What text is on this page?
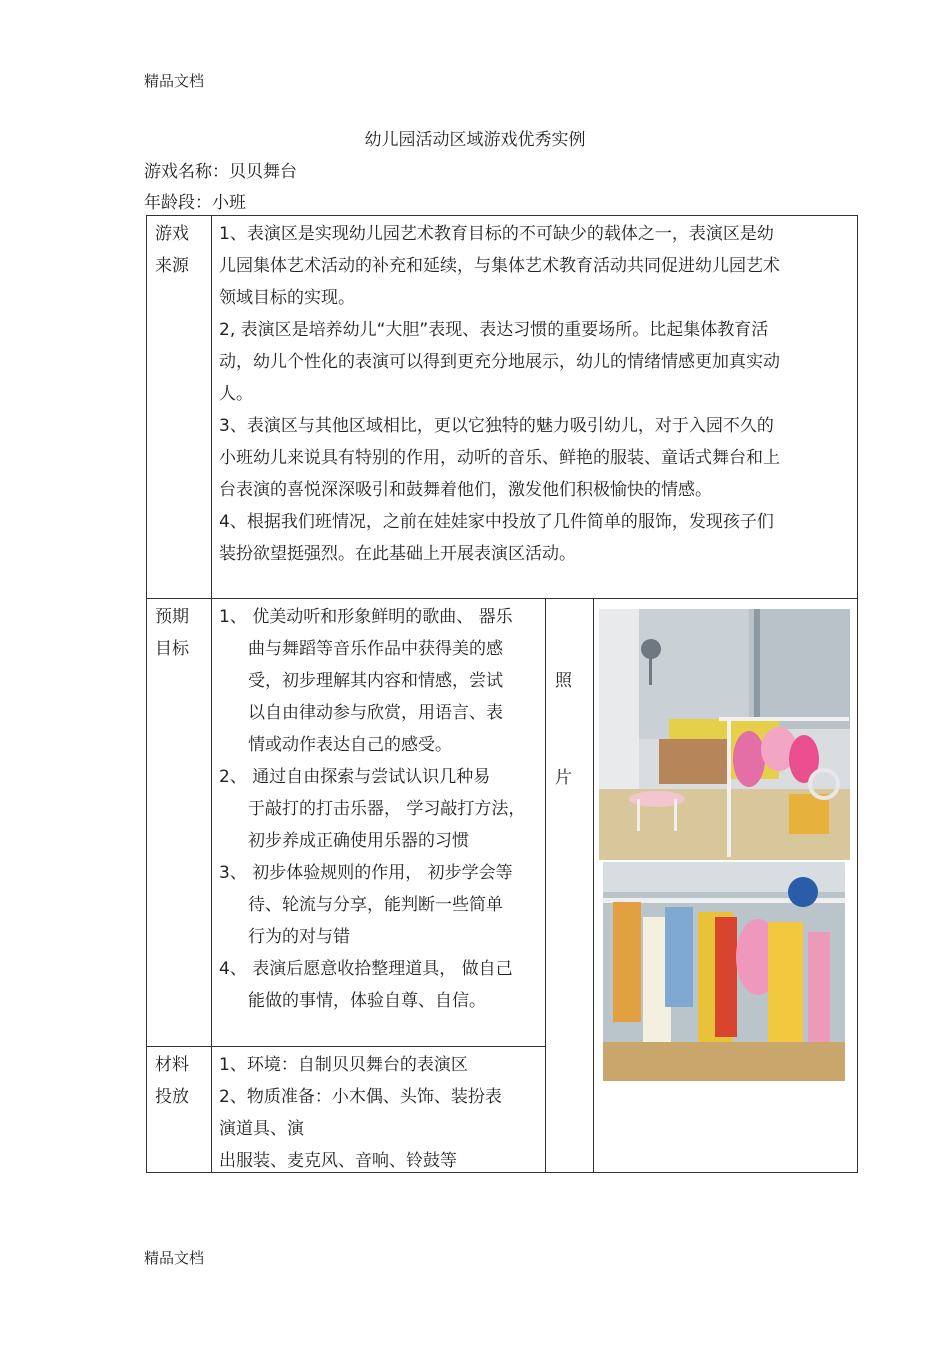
精品文档
精品文档
幼儿园活动区域游戏优秀实例
游戏名称：贝贝舞台
年龄段：小班

游戏

来源

1、表演区是实现幼儿园艺术教育目标的不可缺少的载体之一，表演区是幼

儿园集体艺术活动的补充和延续，与集体艺术教育活动共同促进幼儿园艺术

领域目标的实现。

2, 表演区是培养幼儿“大胆”表现、表达习惯的重要场所。比起集体教育活

动，幼儿个性化的表演可以得到更充分地展示，幼儿的情绪情感更加真实动

人。

3、表演区与其他区域相比，更以它独特的魅力吸引幼儿，对于入园不久的

小班幼儿来说具有特别的作用，动听的音乐、鲜艳的服装、童话式舞台和上

台表演的喜悦深深吸引和鼓舞着他们，激发他们积极愉快的情感。

4、根据我们班情况，之前在娃娃家中投放了几件简单的服饰，发现孩子们

装扮欲望挺强烈。在此基础上开展表演区活动。

预期

目标

1、 优美动听和形象鲜明的歌曲、 器乐

曲与舞蹈等音乐作品中获得美的感

受，初步理解其内容和情感，尝试

以自由律动参与欣赏，用语言、表

情或动作表达自己的感受。

2、 通过自由探索与尝试认识几种易

于敲打的打击乐器， 学习敲打方法，

初步养成正确使用乐器的习惯

3、 初步体验规则的作用， 初步学会等

待、轮流与分享，能判断一些简单

行为的对与错

4、 表演后愿意收拾整理道具， 做自己

能做的事情，体验自尊、自信。

照
片

材料

投放

1、环境：自制贝贝舞台的表演区

2、物质准备：小木偶、头饰、装扮表

演道具、演

出服装、麦克风、音响、铃鼓等
